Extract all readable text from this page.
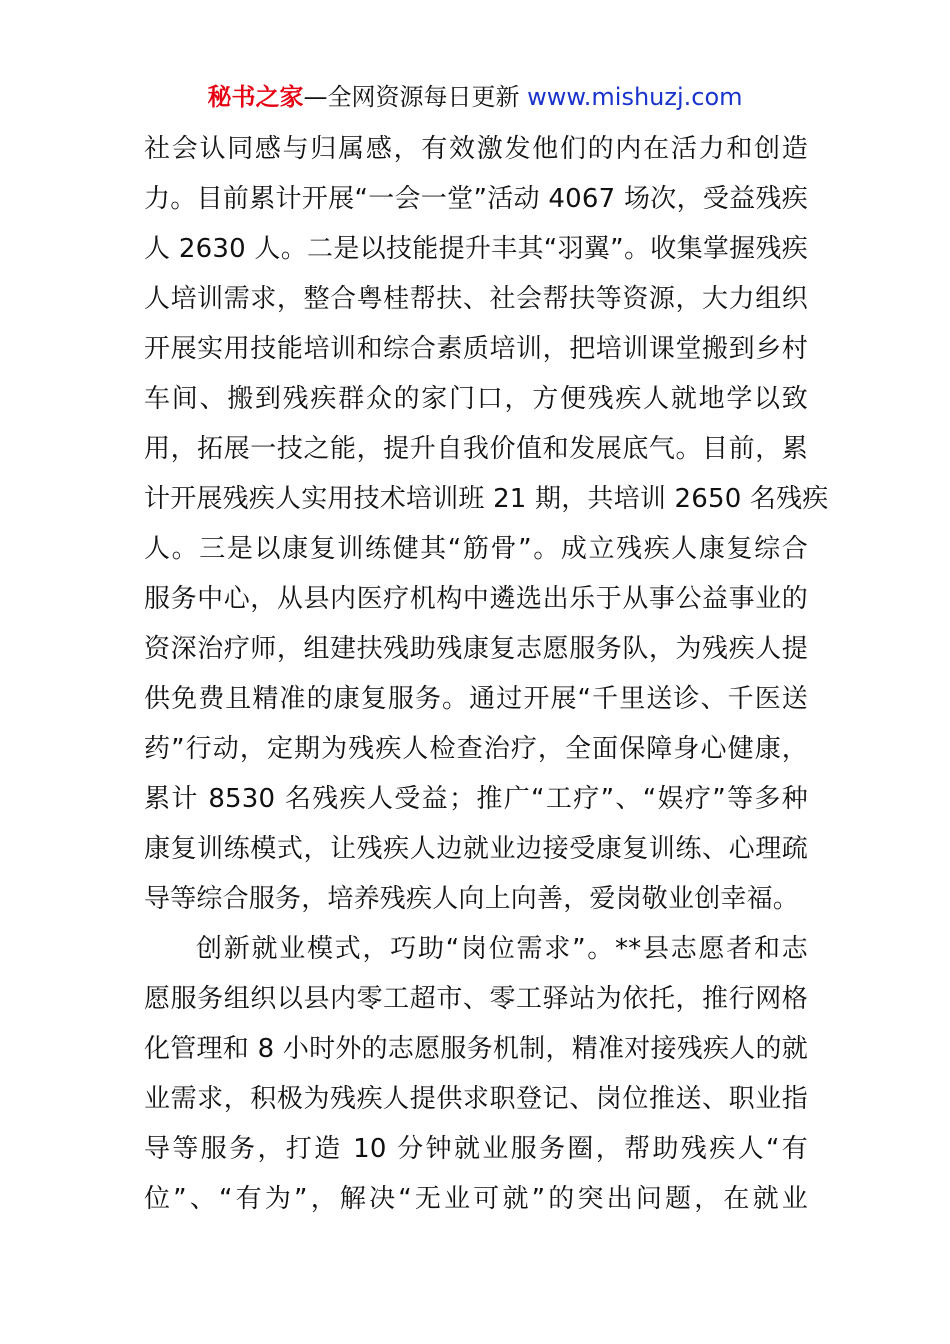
秘书之家—全网资源每日更新 www.mishuzj.com
社会认同感与归属感，有效激发他们的内在活力和创造
力。目前累计开展“一会一堂”活动 4067 场次，受益残疾
人 2630 人。二是以技能提升丰其“羽翼”。收集掌握残疾
人培训需求，整合粤桂帮扶、社会帮扶等资源，大力组织
开展实用技能培训和综合素质培训，把培训课堂搬到乡村
车间、搬到残疾群众的家门口，方便残疾人就地学以致
用，拓展一技之能，提升自我价值和发展底气。目前，累
计开展残疾人实用技术培训班 21 期，共培训 2650 名残疾
人。三是以康复训练健其“筋骨”。成立残疾人康复综合
服务中心，从县内医疗机构中遴选出乐于从事公益事业的
资深治疗师，组建扶残助残康复志愿服务队，为残疾人提
供免费且精准的康复服务。通过开展“千里送诊、千医送
药”行动，定期为残疾人检查治疗，全面保障身心健康，
累计 8530 名残疾人受益；推广“工疗”、“娱疗”等多种
康复训练模式，让残疾人边就业边接受康复训练、心理疏
导等综合服务，培养残疾人向上向善，爱岗敬业创幸福。
创新就业模式，巧助“岗位需求”。**县志愿者和志
愿服务组织以县内零工超市、零工驿站为依托，推行网格
化管理和 8 小时外的志愿服务机制，精准对接残疾人的就
业需求，积极为残疾人提供求职登记、岗位推送、职业指
导等服务，打造 10 分钟就业服务圈，帮助残疾人“有
位”、“有为”，解决“无业可就”的突出问题，在就业
